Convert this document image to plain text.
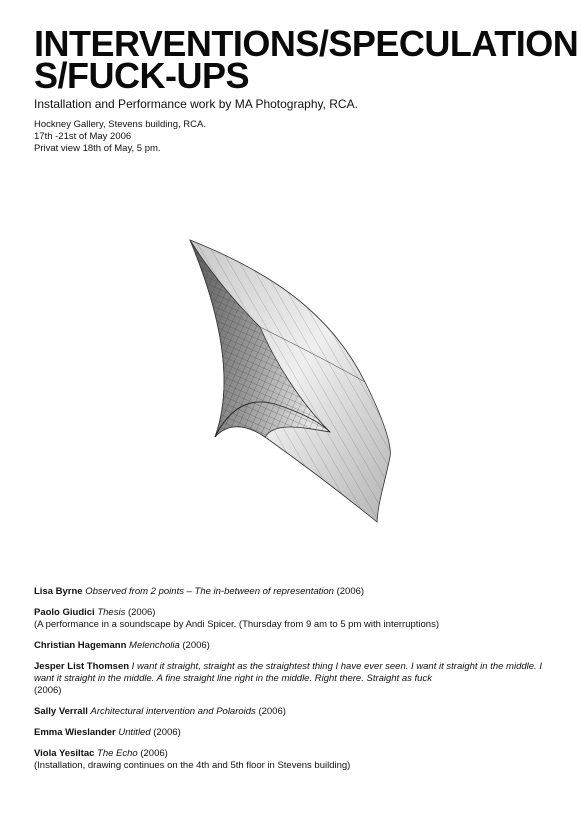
INTERVENTIONS/SPECULATION
S/FUCK-UPS
Installation and Performance work by MA Photography, RCA.
Hockney Gallery, Stevens building, RCA.
17th -21st of May 2006
Privat view 18th of May, 5 pm.
Lisa Byrne Observed from 2 points – The in-between of representation (2006)
Paolo Giudici Thesis (2006)
(A performance in a soundscape by Andi Spicer. (Thursday from 9 am to 5 pm with interruptions)
Christian Hagemann Melencholia (2006)
Jesper List Thomsen I want it straight, straight as the straightest thing I have ever seen. I want it straight in the middle. I want it straight in the middle. A fine straight line right in the middle. Right there. Straight as fuck
(2006)
Sally Verrall Architectural intervention and Polaroids (2006)
Emma Wieslander Untitled (2006)
Viola Yesiltac The Echo (2006)
(Installation, drawing continues on the 4th and 5th floor in Stevens building)
